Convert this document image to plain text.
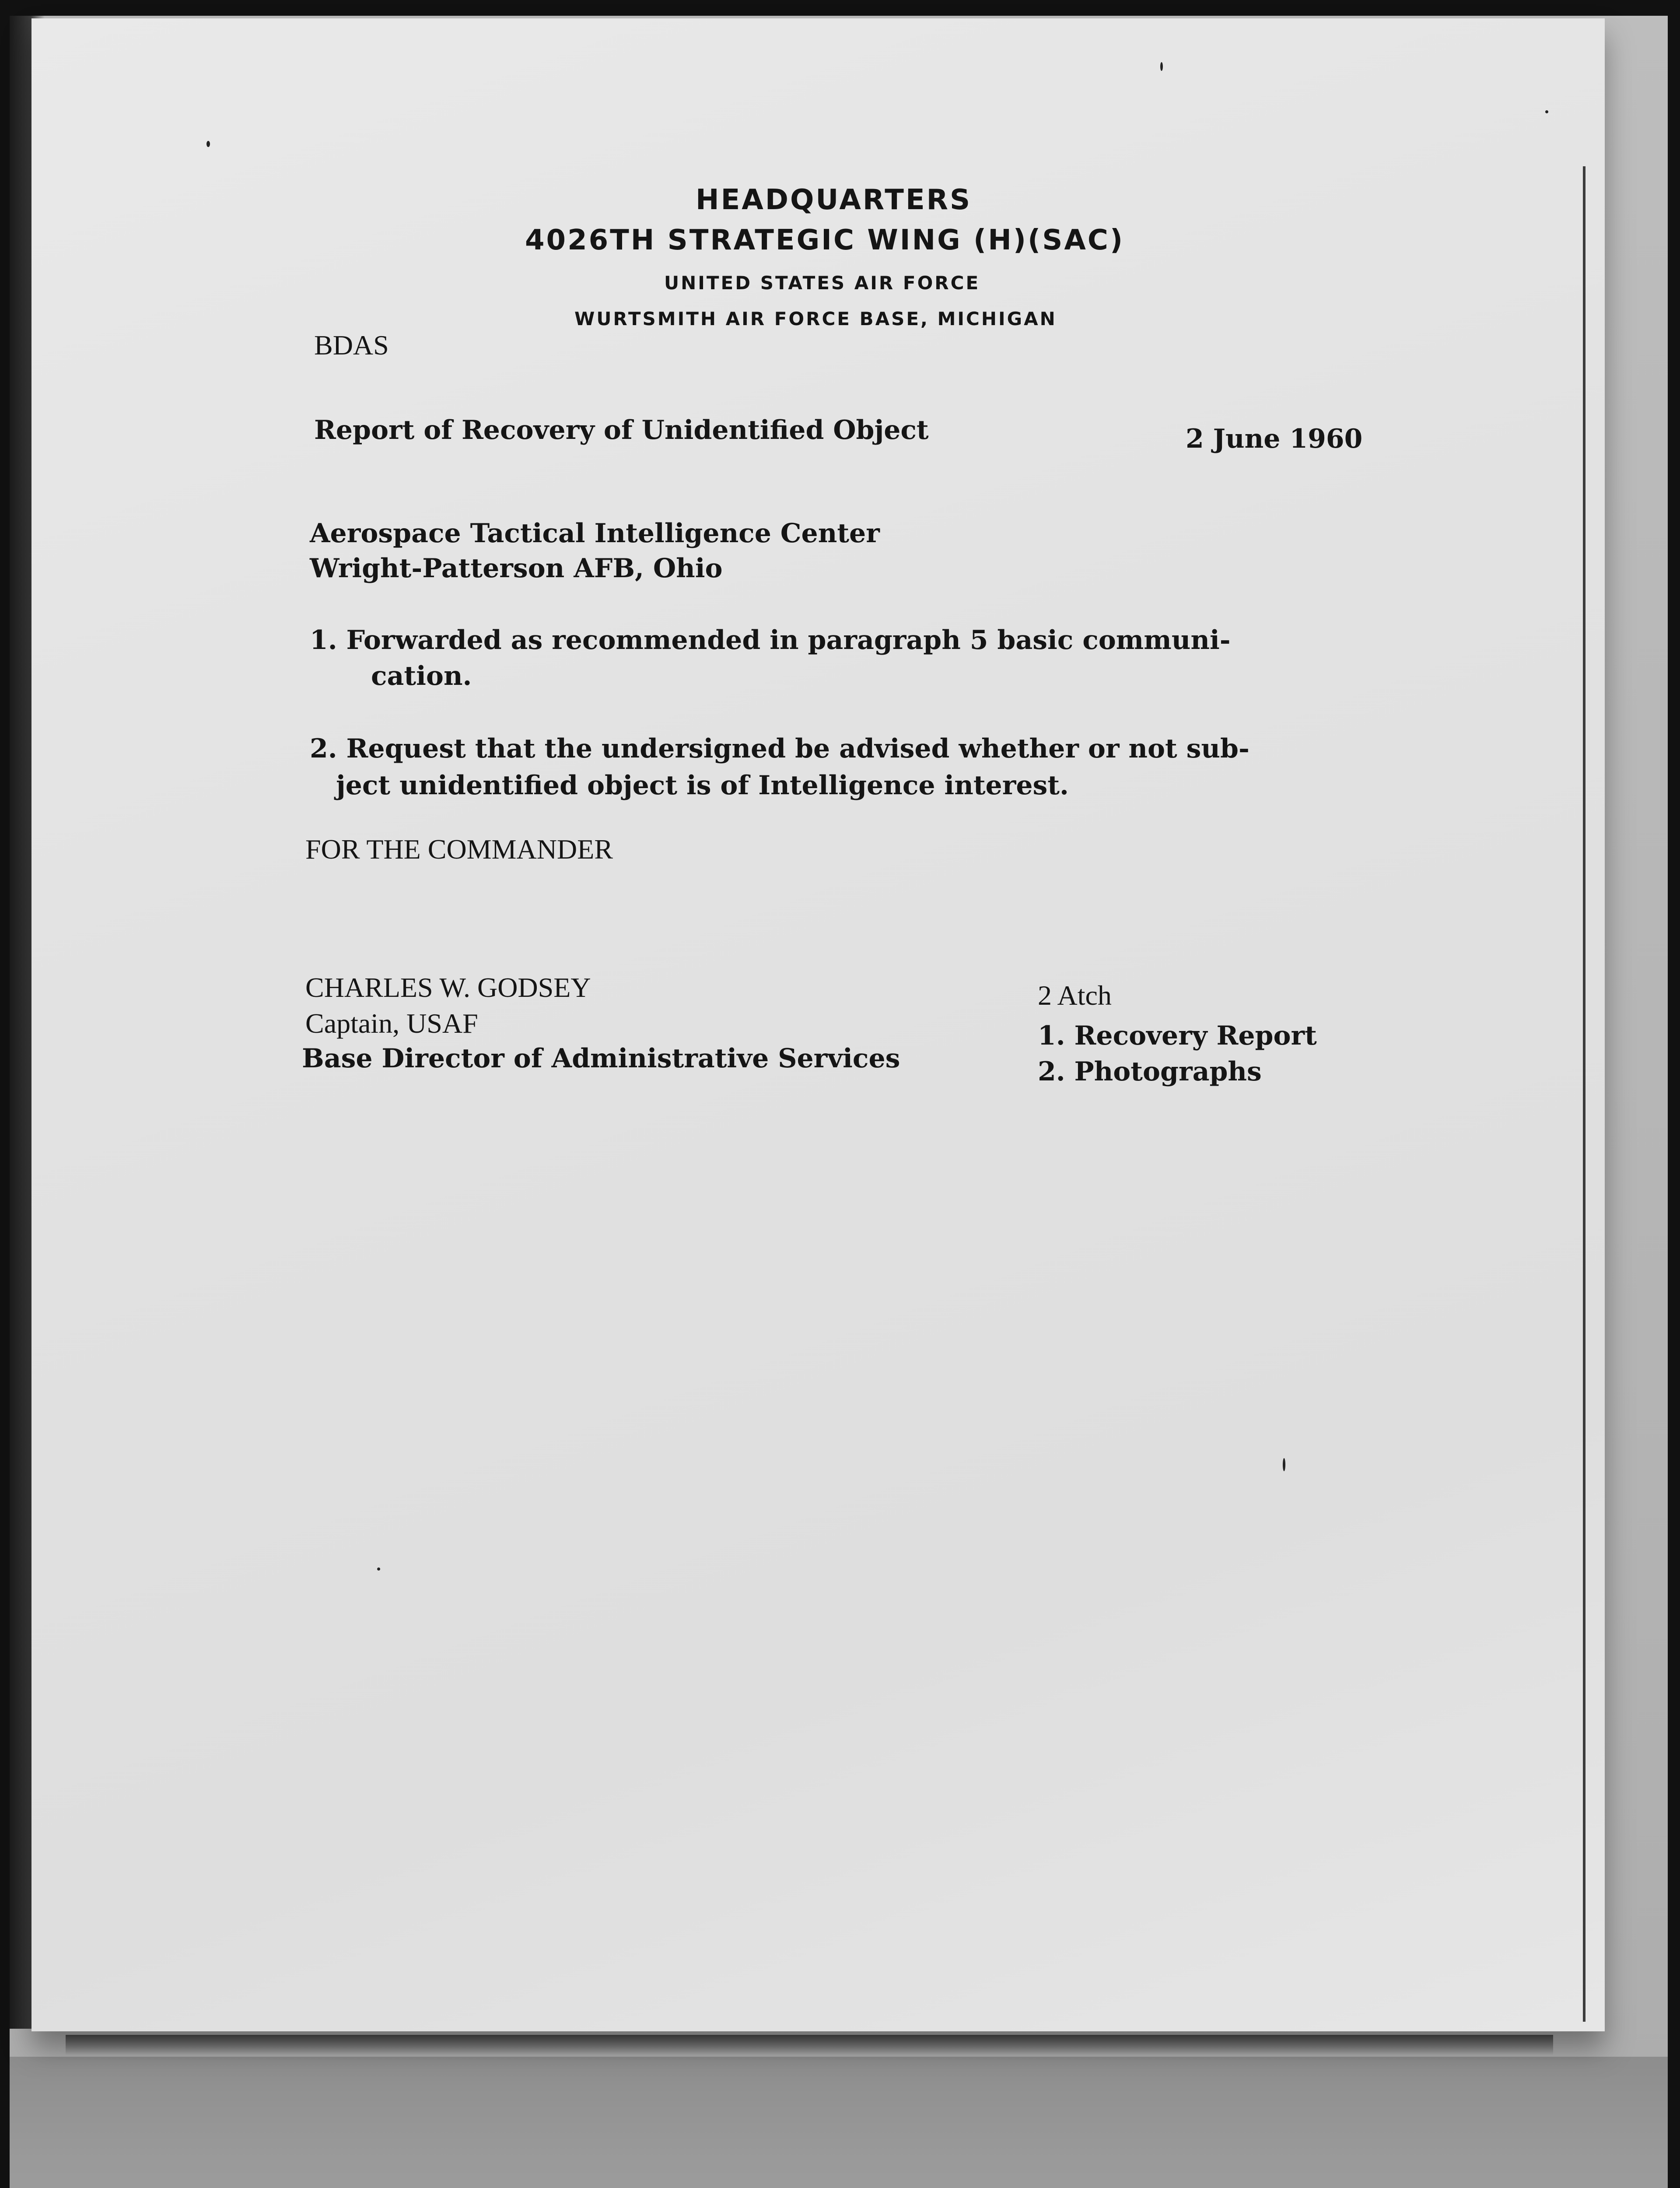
HEADQUARTERS
4026TH STRATEGIC WING (H)(SAC)
UNITED STATES AIR FORCE
WURTSMITH AIR FORCE BASE, MICHIGAN
BDAS
Report of Recovery of Unidentified Object	2 June 1960
Aerospace Tactical Intelligence Center
Wright-Patterson AFB, Ohio
1. Forwarded as recommended in paragraph 5 basic communi-
cation.
2. Request that the undersigned be advised whether or not sub-
ject unidentified object is of Intelligence interest.
FOR THE COMMANDER
CHARLES W. GODSEY
Captain, USAF
Base Director of Administrative Services
2 Atch
1. Recovery Report
2. Photographs
